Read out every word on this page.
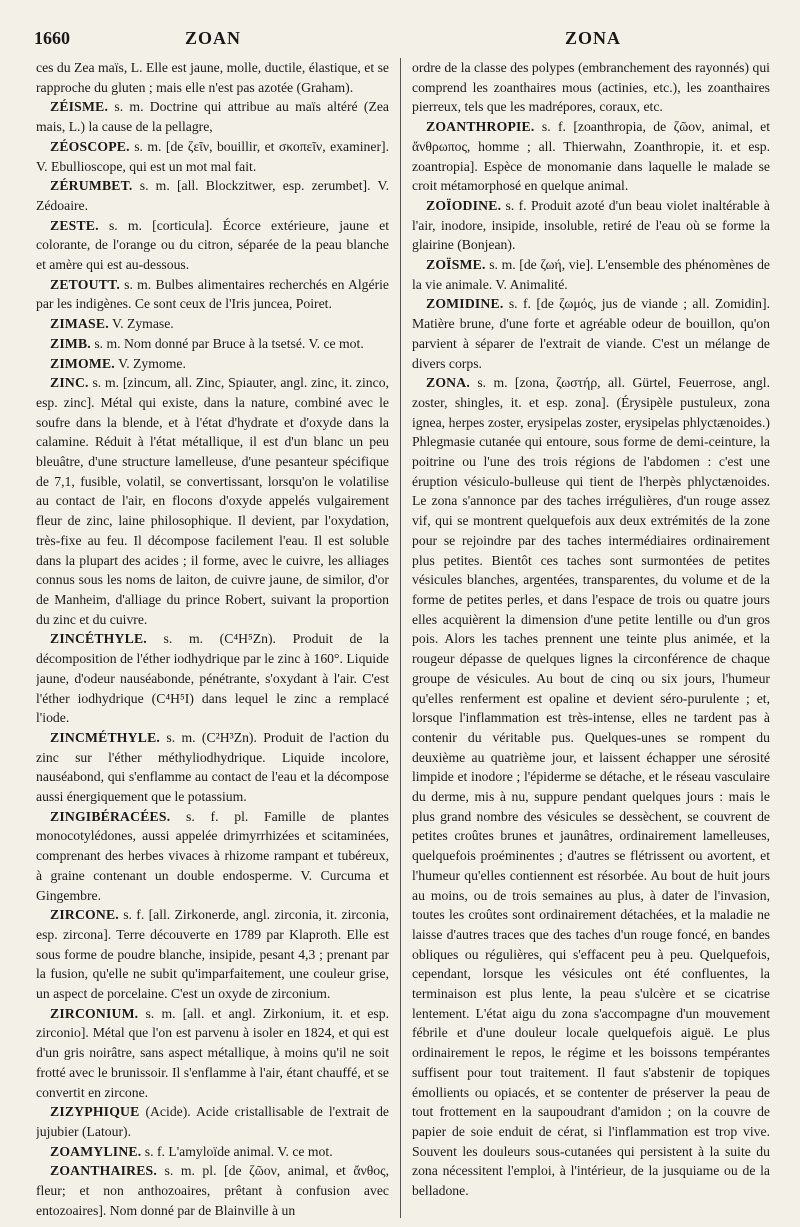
1660	ZOAN	ZONA

ces du Zea maïs, L. Elle est jaune, molle, ductile, élastique, et se rapproche du gluten ; mais elle n'est pas azotée (Graham).

ZÉISME. s. m. Doctrine qui attribue au maïs altéré (Zea mais, L.) la cause de la pellagre,

ZÉOSCOPE. s. m. [de ζεῖν, bouillir, et σκοπεῖν, examiner]. V. Ebullioscope, qui est un mot mal fait.

ZÉRUMBET. s. m. [all. Blockzitwer, esp. zerumbet]. V. Zédoaire.

ZESTE. s. m. [corticula]. Écorce extérieure, jaune et colorante, de l'orange ou du citron, séparée de la peau blanche et amère qui est au-dessous.

ZETOUTT. s. m. Bulbes alimentaires recherchés en Algérie par les indigènes. Ce sont ceux de l'Iris juncea, Poiret.

ZIMASE. V. Zymase.

ZIMB. s. m. Nom donné par Bruce à la tsetsé. V. ce mot.

ZIMOME. V. Zymome.

ZINC. s. m. [zincum, all. Zinc, Spiauter, angl. zinc, it. zinco, esp. zinc]. Métal qui existe, dans la nature, combiné avec le soufre dans la blende, et à l'état d'hydrate et d'oxyde dans la calamine. Réduit à l'état métallique, il est d'un blanc un peu bleuâtre, d'une structure lamelleuse, d'une pesanteur spécifique de 7,1, fusible, volatil, se convertissant, lorsqu'on le volatilise au contact de l'air, en flocons d'oxyde appelés vulgairement fleur de zinc, laine philosophique. Il devient, par l'oxydation, très-fixe au feu. Il décompose facilement l'eau. Il est soluble dans la plupart des acides ; il forme, avec le cuivre, les alliages connus sous les noms de laiton, de cuivre jaune, de similor, d'or de Manheim, d'alliage du prince Robert, suivant la proportion du zinc et du cuivre.

ZINCÉTHYLE. s. m. (C⁴H⁵Zn). Produit de la décomposition de l'éther iodhydrique par le zinc à 160°. Liquide jaune, d'odeur nauséabonde, pénétrante, s'oxydant à l'air. C'est l'éther iodhydrique (C⁴H⁵I) dans lequel le zinc a remplacé l'iode.

ZINCMÉTHYLE. s. m. (C²H³Zn). Produit de l'action du zinc sur l'éther méthyliodhydrique. Liquide incolore, nauséabond, qui s'enflamme au contact de l'eau et la décompose aussi énergiquement que le potassium.

ZINGIBÉRACÉES. s. f. pl. Famille de plantes monocotylédones, aussi appelée drimyrrhizées et scitaminées, comprenant des herbes vivaces à rhizome rampant et tubéreux, à graine contenant un double endosperme. V. Curcuma et Gingembre.

ZIRCONE. s. f. [all. Zirkonerde, angl. zirconia, it. zirconia, esp. zircona]. Terre découverte en 1789 par Klaproth. Elle est sous forme de poudre blanche, insipide, pesant 4,3 ; prenant par la fusion, qu'elle ne subit qu'imparfaitement, une couleur grise, un aspect de porcelaine. C'est un oxyde de zirconium.

ZIRCONIUM. s. m. [all. et angl. Zirkonium, it. et esp. zirconio]. Métal que l'on est parvenu à isoler en 1824, et qui est d'un gris noirâtre, sans aspect métallique, à moins qu'il ne soit frotté avec le brunissoir. Il s'enflamme à l'air, étant chauffé, et se convertit en zircone.

ZIZYPHIQUE (Acide). Acide cristallisable de l'extrait de jujubier (Latour).

ZOAMYLINE. s. f. L'amyloïde animal. V. ce mot.

ZOANTHAIRES. s. m. pl. [de ζῶον, animal, et ἄνθος, fleur; et non anthozoaires, prêtant à confusion avec entozoaires]. Nom donné par de Blainville à un

ordre de la classe des polypes (embranchement des rayonnés) qui comprend les zoanthaires mous (actinies, etc.), les zoanthaires pierreux, tels que les madrépores, coraux, etc.

ZOANTHROPIE. s. f. [zoanthropia, de ζῶον, animal, et ἄνθρωπος, homme ; all. Thierwahn, Zoanthropie, it. et esp. zoantropia]. Espèce de monomanie dans laquelle le malade se croit métamorphosé en quelque animal.

ZOÏODINE. s. f. Produit azoté d'un beau violet inaltérable à l'air, inodore, insipide, insoluble, retiré de l'eau où se forme la glairine (Bonjean).

ZOÏSME. s. m. [de ζωή, vie]. L'ensemble des phénomènes de la vie animale. V. Animalité.

ZOMIDINE. s. f. [de ζωμός, jus de viande ; all. Zomidin]. Matière brune, d'une forte et agréable odeur de bouillon, qu'on parvient à séparer de l'extrait de viande. C'est un mélange de divers corps.

ZONA. s. m. [zona, ζωστήρ, all. Gürtel, Feuerrose, angl. zoster, shingles, it. et esp. zona]. (Érysipèle pustuleux, zona ignea, herpes zoster, erysipelas zoster, erysipelas phlyctænoides.) Phlegmasie cutanée qui entoure, sous forme de demi-ceinture, la poitrine ou l'une des trois régions de l'abdomen : c'est une éruption vésiculo-bulleuse qui tient de l'herpès phlyctænoides. Le zona s'annonce par des taches irrégulières, d'un rouge assez vif, qui se montrent quelquefois aux deux extrémités de la zone pour se rejoindre par des taches intermédiaires ordinairement plus petites. Bientôt ces taches sont surmontées de petites vésicules blanches, argentées, transparentes, du volume et de la forme de petites perles, et dans l'espace de trois ou quatre jours elles acquièrent la dimension d'une petite lentille ou d'un gros pois. Alors les taches prennent une teinte plus animée, et la rougeur dépasse de quelques lignes la circonférence de chaque groupe de vésicules. Au bout de cinq ou six jours, l'humeur qu'elles renferment est opaline et devient séro-purulente ; et, lorsque l'inflammation est très-intense, elles ne tardent pas à contenir du véritable pus. Quelques-unes se rompent du deuxième au quatrième jour, et laissent échapper une sérosité limpide et inodore ; l'épiderme se détache, et le réseau vasculaire du derme, mis à nu, suppure pendant quelques jours : mais le plus grand nombre des vésicules se dessèchent, se couvrent de petites croûtes brunes et jaunâtres, ordinairement lamelleuses, quelquefois proéminentes ; d'autres se flétrissent ou avortent, et l'humeur qu'elles contiennent est résorbée. Au bout de huit jours au moins, ou de trois semaines au plus, à dater de l'invasion, toutes les croûtes sont ordinairement détachées, et la maladie ne laisse d'autres traces que des taches d'un rouge foncé, en bandes obliques ou régulières, qui s'effacent peu à peu. Quelquefois, cependant, lorsque les vésicules ont été confluentes, la terminaison est plus lente, la peau s'ulcère et se cicatrise lentement. L'état aigu du zona s'accompagne d'un mouvement fébrile et d'une douleur locale quelquefois aiguë. Le plus ordinairement le repos, le régime et les boissons tempérantes suffisent pour tout traitement. Il faut s'abstenir de topiques émollients ou opiacés, et se contenter de préserver la peau de tout frottement en la saupoudrant d'amidon ; on la couvre de papier de soie enduit de cérat, si l'inflammation est trop vive. Souvent les douleurs sous-cutanées qui persistent à la suite du zona nécessitent l'emploi, à l'intérieur, de la jusquiame ou de la belladone.
